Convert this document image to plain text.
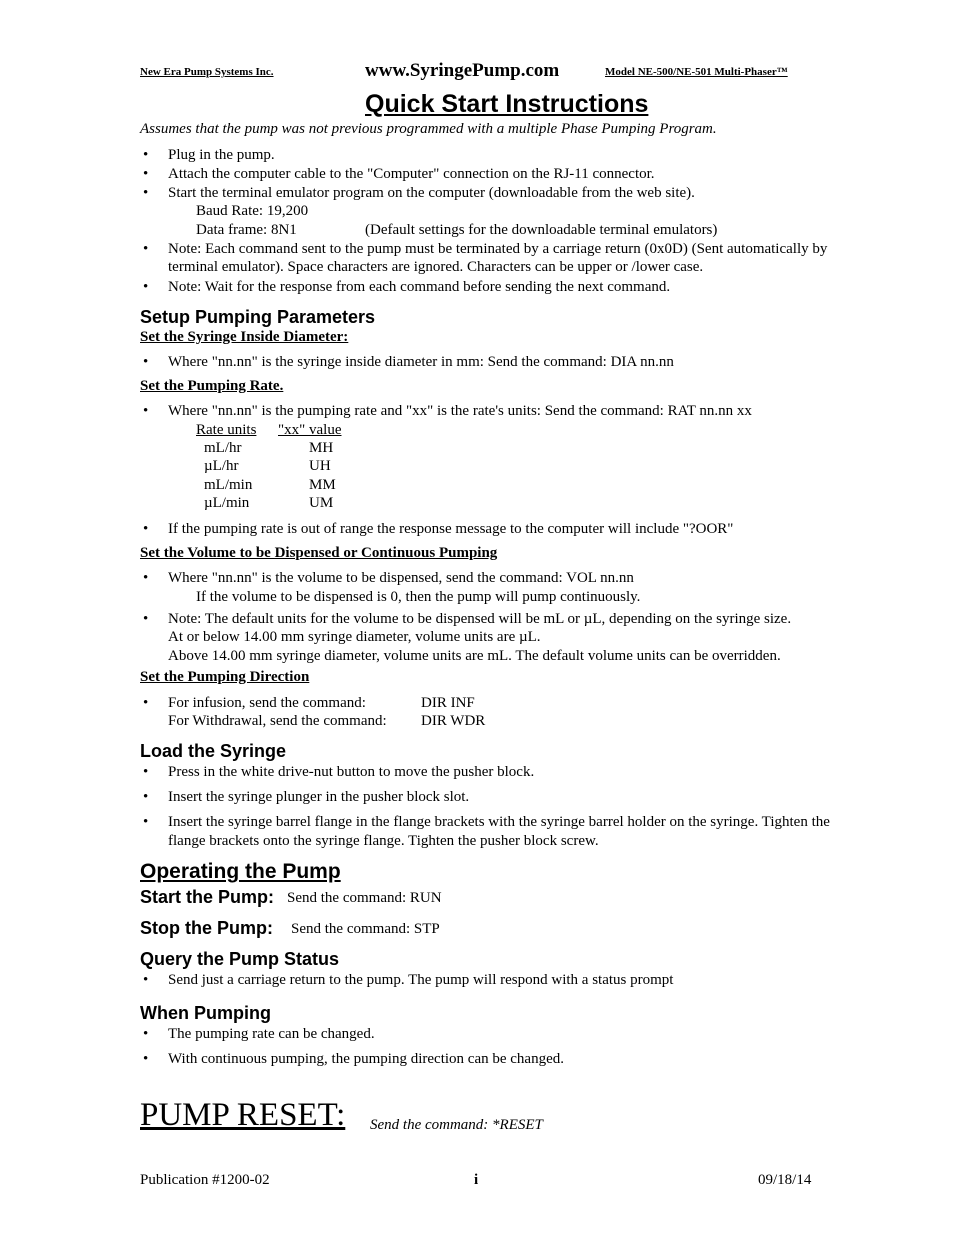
New Era Pump Systems Inc.	www.SyringePump.com	Model NE-500/NE-501 Multi-Phaser™
Quick Start Instructions
Assumes that the pump was not previous programmed with a multiple Phase Pumping Program.
• Plug in the pump.
• Attach the computer cable to the "Computer" connection on the RJ-11 connector.
• Start the terminal emulator program on the computer (downloadable from the web site).
Baud Rate: 19,200
Data frame: 8N1	(Default settings for the downloadable terminal emulators)
• Note: Each command sent to the pump must be terminated by a carriage return (0x0D) (Sent automatically by
terminal emulator). Space characters are ignored. Characters can be upper or /lower case.
• Note: Wait for the response from each command before sending the next command.
Setup Pumping Parameters
Set the Syringe Inside Diameter:
• Where "nn.nn" is the syringe inside diameter in mm: Send the command: DIA nn.nn
Set the Pumping Rate.
• Where "nn.nn" is the pumping rate and "xx" is the rate's units: Send the command: RAT nn.nn xx
Rate units "xx" value
mL/hr	MH
µL/hr	UH
mL/min	MM
µL/min	UM
• If the pumping rate is out of range the response message to the computer will include "?OOR"
Set the Volume to be Dispensed or Continuous Pumping
• Where "nn.nn" is the volume to be dispensed, send the command: VOL nn.nn
If the volume to be dispensed is 0, then the pump will pump continuously.
• Note: The default units for the volume to be dispensed will be mL or µL, depending on the syringe size.
At or below 14.00 mm syringe diameter, volume units are µL.
Above 14.00 mm syringe diameter, volume units are mL. The default volume units can be overridden.
Set the Pumping Direction
• For infusion, send the command:	DIR INF
For Withdrawal, send the command: DIR WDR
Load the Syringe
• Press in the white drive-nut button to move the pusher block.
• Insert the syringe plunger in the pusher block slot.
• Insert the syringe barrel flange in the flange brackets with the syringe barrel holder on the syringe. Tighten the
flange brackets onto the syringe flange. Tighten the pusher block screw.
Operating the Pump
Start the Pump: Send the command: RUN
Stop the Pump: Send the command: STP
Query the Pump Status
• Send just a carriage return to the pump. The pump will respond with a status prompt
When Pumping
• The pumping rate can be changed.
• With continuous pumping, the pumping direction can be changed.
PUMP RESET: Send the command: *RESET
Publication #1200-02	i	09/18/14
